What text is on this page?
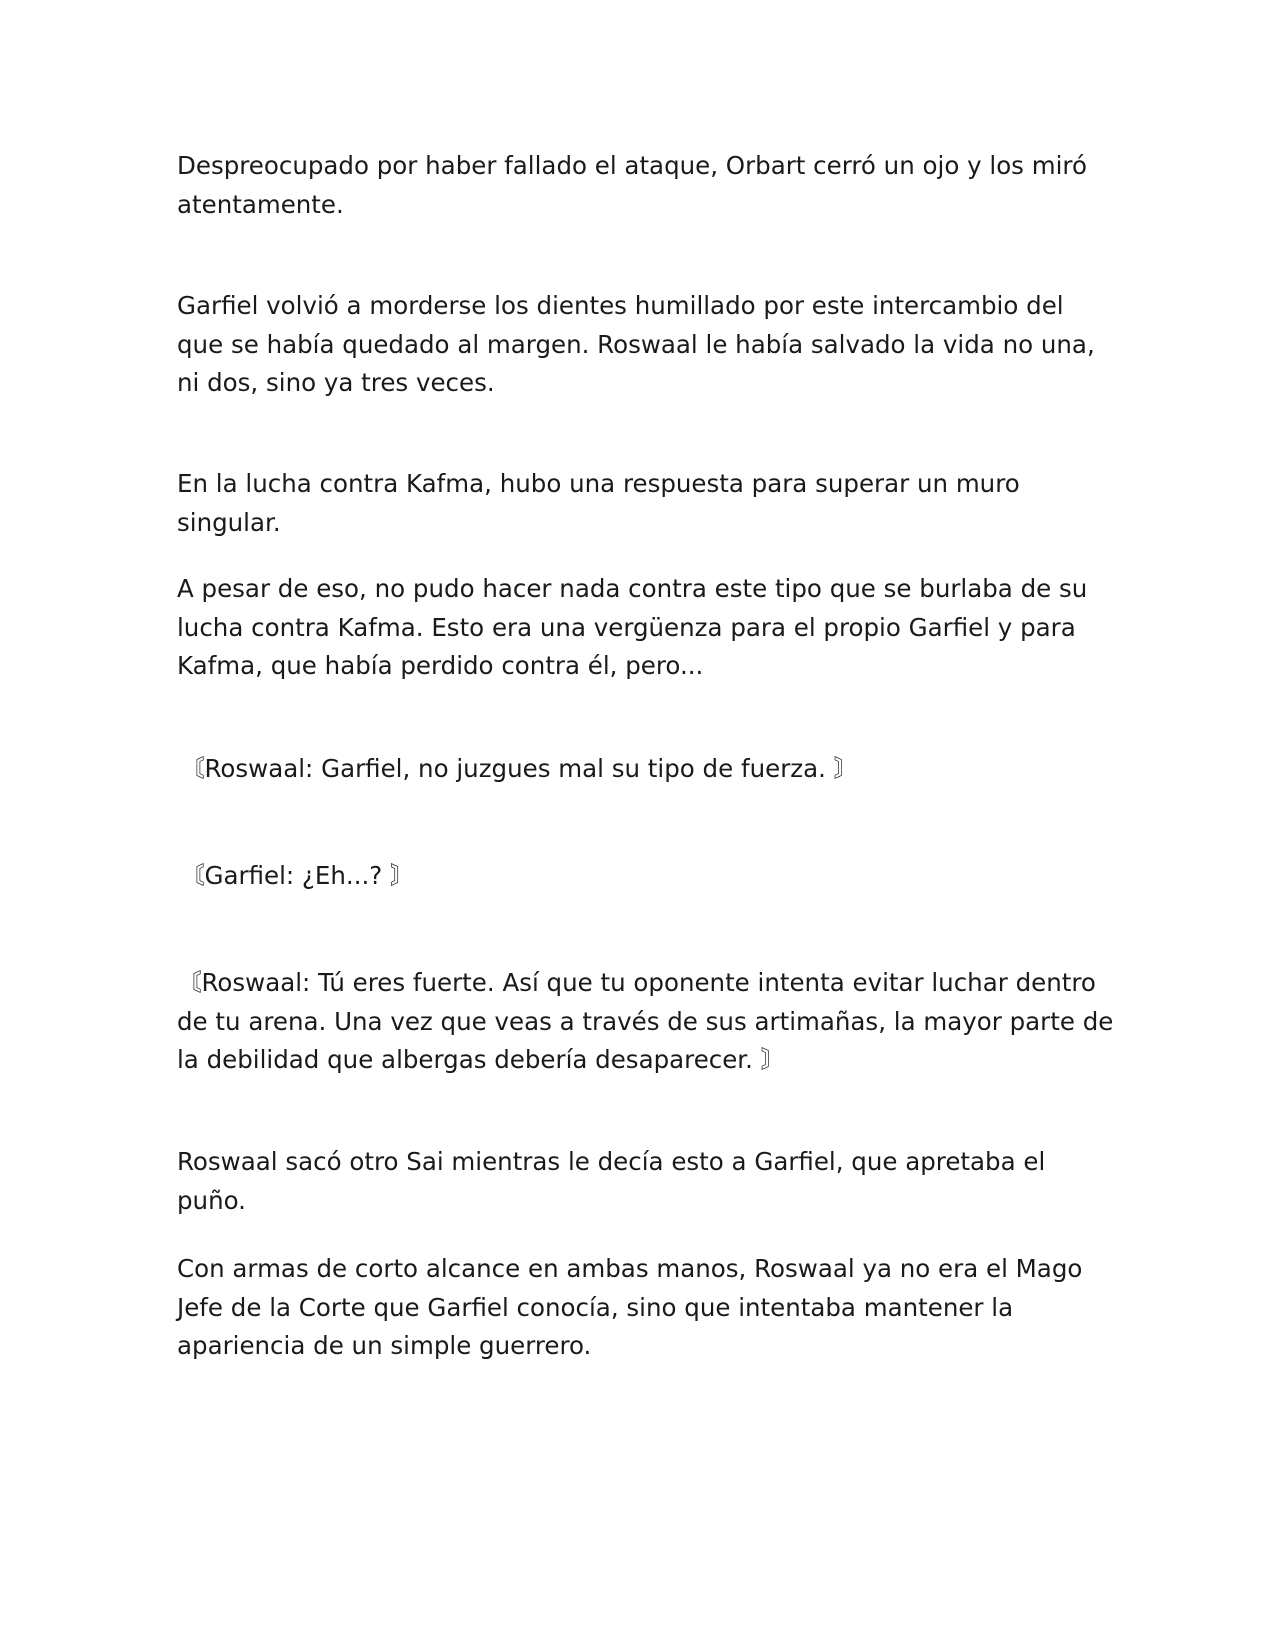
Despreocupado por haber fallado el ataque, Orbart cerró un ojo y los miró atentamente.

Garfiel volvió a morderse los dientes humillado por este intercambio del que se había quedado al margen. Roswaal le había salvado la vida no una, ni dos, sino ya tres veces.

En la lucha contra Kafma, hubo una respuesta para superar un muro singular.

A pesar de eso, no pudo hacer nada contra este tipo que se burlaba de su lucha contra Kafma. Esto era una vergüenza para el propio Garfiel y para Kafma, que había perdido contra él, pero...

〘Roswaal: Garfiel, no juzgues mal su tipo de fuerza. 〙

〘Garfiel: ¿Eh...? 〙

〘Roswaal: Tú eres fuerte. Así que tu oponente intenta evitar luchar dentro de tu arena. Una vez que veas a través de sus artimañas, la mayor parte de la debilidad que albergas debería desaparecer. 〙

Roswaal sacó otro Sai mientras le decía esto a Garfiel, que apretaba el puño.

Con armas de corto alcance en ambas manos, Roswaal ya no era el Mago Jefe de la Corte que Garfiel conocía, sino que intentaba mantener la apariencia de un simple guerrero.
